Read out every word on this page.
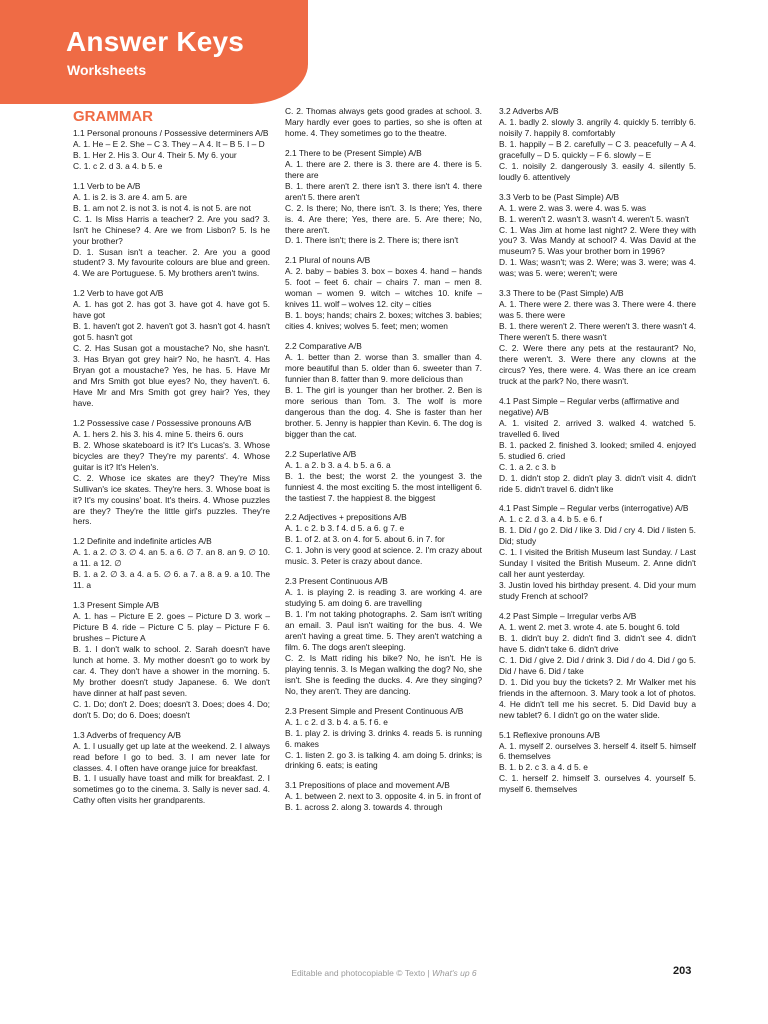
Answer Keys
Worksheets
GRAMMAR
1.1 Personal pronouns / Possessive determiners A/B
A. 1. He – E 2. She – C 3. They – A 4. It – B 5. I – D
B. 1. Her 2. His 3. Our 4. Their 5. My 6. your
C. 1. c 2. d 3. a 4. b 5. e
1.1 Verb to be A/B
A. 1. is 2. is 3. are 4. am 5. are
B. 1. am not 2. is not 3. is not 4. is not 5. are not
C. 1. Is Miss Harris a teacher? 2. Are you sad? 3. Isn't he Chinese? 4. Are we from Lisbon? 5. Is he your brother?
D. 1. Susan isn't a teacher. 2. Are you a good student? 3. My favourite colours are blue and green. 4. We are Portuguese. 5. My brothers aren't twins.
1.2 Verb to have got A/B
A. 1. has got 2. has got 3. have got 4. have got 5. have got
B. 1. haven't got 2. haven't got 3. hasn't got 4. hasn't got 5. hasn't got
C. 2. Has Susan got a moustache? No, she hasn't. 3. Has Bryan got grey hair? No, he hasn't. 4. Has Bryan got a moustache? Yes, he has. 5. Have Mr and Mrs Smith got blue eyes? No, they haven't. 6. Have Mr and Mrs Smith got grey hair? Yes, they have.
1.2 Possessive case / Possessive pronouns A/B
A. 1. hers 2. his 3. his 4. mine 5. theirs 6. ours
B. 2. Whose skateboard is it? It's Lucas's. 3. Whose bicycles are they? They're my parents'. 4. Whose guitar is it? It's Helen's.
C. 2. Whose ice skates are they? They're Miss Sullivan's ice skates. They're hers. 3. Whose boat is it? It's my cousins' boat. It's theirs. 4. Whose puzzles are they? They're the little girl's puzzles. They're hers.
1.2 Definite and indefinite articles A/B
A. 1. a 2. ∅ 3. ∅ 4. an 5. a 6. ∅ 7. an 8. an 9. ∅ 10. a 11. a 12. ∅
B. 1. a 2. ∅ 3. a 4. a 5. ∅ 6. a 7. a 8. a 9. a 10. The 11. a
1.3 Present Simple A/B
A. 1. has – Picture E 2. goes – Picture D 3. work – Picture B 4. ride – Picture C 5. play – Picture F 6. brushes – Picture A
B. 1. I don't walk to school. 2. Sarah doesn't have lunch at home. 3. My mother doesn't go to work by car. 4. They don't have a shower in the morning. 5. My brother doesn't study Japanese. 6. We don't have dinner at half past seven.
C. 1. Do; don't 2. Does; doesn't 3. Does; does 4. Do; don't 5. Do; do 6. Does; doesn't
1.3 Adverbs of frequency A/B
A. 1. I usually get up late at the weekend. 2. I always read before I go to bed. 3. I am never late for classes. 4. I often have orange juice for breakfast.
B. 1. I usually have toast and milk for breakfast. 2. I sometimes go to the cinema. 3. Sally is never sad. 4. Cathy often visits her grandparents.
C. 2. Thomas always gets good grades at school. 3. Mary hardly ever goes to parties, so she is often at home. 4. They sometimes go to the theatre.
2.1 There to be (Present Simple) A/B
A. 1. there are 2. there is 3. there are 4. there is 5. there are
B. 1. there aren't 2. there isn't 3. there isn't 4. there aren't 5. there aren't
C. 2. Is there; No, there isn't. 3. Is there; Yes, there is. 4. Are there; Yes, there are. 5. Are there; No, there aren't.
D. 1. There isn't; there is 2. There is; there isn't
2.1 Plural of nouns A/B
A. 2. baby – babies 3. box – boxes 4. hand – hands 5. foot – feet 6. chair – chairs 7. man – men 8. woman – women 9. witch – witches 10. knife – knives 11. wolf – wolves 12. city – cities
B. 1. boys; hands; chairs 2. boxes; witches 3. babies; cities 4. knives; wolves 5. feet; men; women
2.2 Comparative A/B
A. 1. better than 2. worse than 3. smaller than 4. more beautiful than 5. older than 6. sweeter than 7. funnier than 8. fatter than 9. more delicious than
B. 1. The girl is younger than her brother. 2. Ben is more serious than Tom. 3. The wolf is more dangerous than the dog. 4. She is faster than her brother. 5. Jenny is happier than Kevin. 6. The dog is bigger than the cat.
2.2 Superlative A/B
A. 1. a 2. b 3. a 4. b 5. a 6. a
B. 1. the best; the worst 2. the youngest 3. the funniest 4. the most exciting 5. the most intelligent 6. the tastiest 7. the happiest 8. the biggest
2.2 Adjectives + prepositions A/B
A. 1. c 2. b 3. f 4. d 5. a 6. g 7. e
B. 1. of 2. at 3. on 4. for 5. about 6. in 7. for
C. 1. John is very good at science. 2. I'm crazy about music. 3. Peter is crazy about dance.
2.3 Present Continuous A/B
A. 1. is playing 2. is reading 3. are working 4. are studying 5. am doing 6. are travelling
B. 1. I'm not taking photographs. 2. Sam isn't writing an email. 3. Paul isn't waiting for the bus. 4. We aren't having a great time. 5. They aren't watching a film. 6. The dogs aren't sleeping.
C. 2. Is Matt riding his bike? No, he isn't. He is playing tennis. 3. Is Megan walking the dog? No, she isn't. She is feeding the ducks. 4. Are they singing? No, they aren't. They are dancing.
2.3 Present Simple and Present Continuous A/B
A. 1. c 2. d 3. b 4. a 5. f 6. e
B. 1. play 2. is driving 3. drinks 4. reads 5. is running 6. makes
C. 1. listen 2. go 3. is talking 4. am doing 5. drinks; is drinking 6. eats; is eating
3.1 Prepositions of place and movement A/B
A. 1. between 2. next to 3. opposite 4. in 5. in front of
B. 1. across 2. along 3. towards 4. through
3.2 Adverbs A/B
A. 1. badly 2. slowly 3. angrily 4. quickly 5. terribly 6. noisily 7. happily 8. comfortably
B. 1. happily – B 2. carefully – C 3. peacefully – A 4. gracefully – D 5. quickly – F 6. slowly – E
C. 1. noisily 2. dangerously 3. easily 4. silently 5. loudly 6. attentively
3.3 Verb to be (Past Simple) A/B
A. 1. were 2. was 3. were 4. was 5. was
B. 1. weren't 2. wasn't 3. wasn't 4. weren't 5. wasn't
C. 1. Was Jim at home last night? 2. Were they with you? 3. Was Mandy at school? 4. Was David at the museum? 5. Was your brother born in 1996?
D. 1. Was; wasn't; was 2. Were; was 3. were; was 4. was; was 5. were; weren't; were
3.3 There to be (Past Simple) A/B
A. 1. There were 2. there was 3. There were 4. there was 5. there were
B. 1. there weren't 2. There weren't 3. there wasn't 4. There weren't 5. there wasn't
C. 2. Were there any pets at the restaurant? No, there weren't. 3. Were there any clowns at the circus? Yes, there were. 4. Was there an ice cream truck at the park? No, there wasn't.
4.1 Past Simple – Regular verbs (affirmative and negative) A/B
A. 1. visited 2. arrived 3. walked 4. watched 5. travelled 6. lived
B. 1. packed 2. finished 3. looked; smiled 4. enjoyed 5. studied 6. cried
C. 1. a 2. c 3. b
D. 1. didn't stop 2. didn't play 3. didn't visit 4. didn't ride 5. didn't travel 6. didn't like
4.1 Past Simple – Regular verbs (interrogative) A/B
A. 1. c 2. d 3. a 4. b 5. e 6. f
B. 1. Did / go 2. Did / like 3. Did / cry 4. Did / listen 5. Did; study
C. 1. I visited the British Museum last Sunday. / Last Sunday I visited the British Museum. 2. Anne didn't call her aunt yesterday.
3. Justin loved his birthday present. 4. Did your mum study French at school?
4.2 Past Simple – Irregular verbs A/B
A. 1. went 2. met 3. wrote 4. ate 5. bought 6. told
B. 1. didn't buy 2. didn't find 3. didn't see 4. didn't have 5. didn't take 6. didn't drive
C. 1. Did / give 2. Did / drink 3. Did / do 4. Did / go 5. Did / have 6. Did / take
D. 1. Did you buy the tickets? 2. Mr Walker met his friends in the afternoon. 3. Mary took a lot of photos. 4. He didn't tell me his secret. 5. Did David buy a new tablet? 6. I didn't go on the water slide.
5.1 Reflexive pronouns A/B
A. 1. myself 2. ourselves 3. herself 4. itself 5. himself 6. themselves
B. 1. b 2. c 3. a 4. d 5. e
C. 1. herself 2. himself 3. ourselves 4. yourself 5. myself 6. themselves
Editable and photocopiable © Texto | What's up 6	203
